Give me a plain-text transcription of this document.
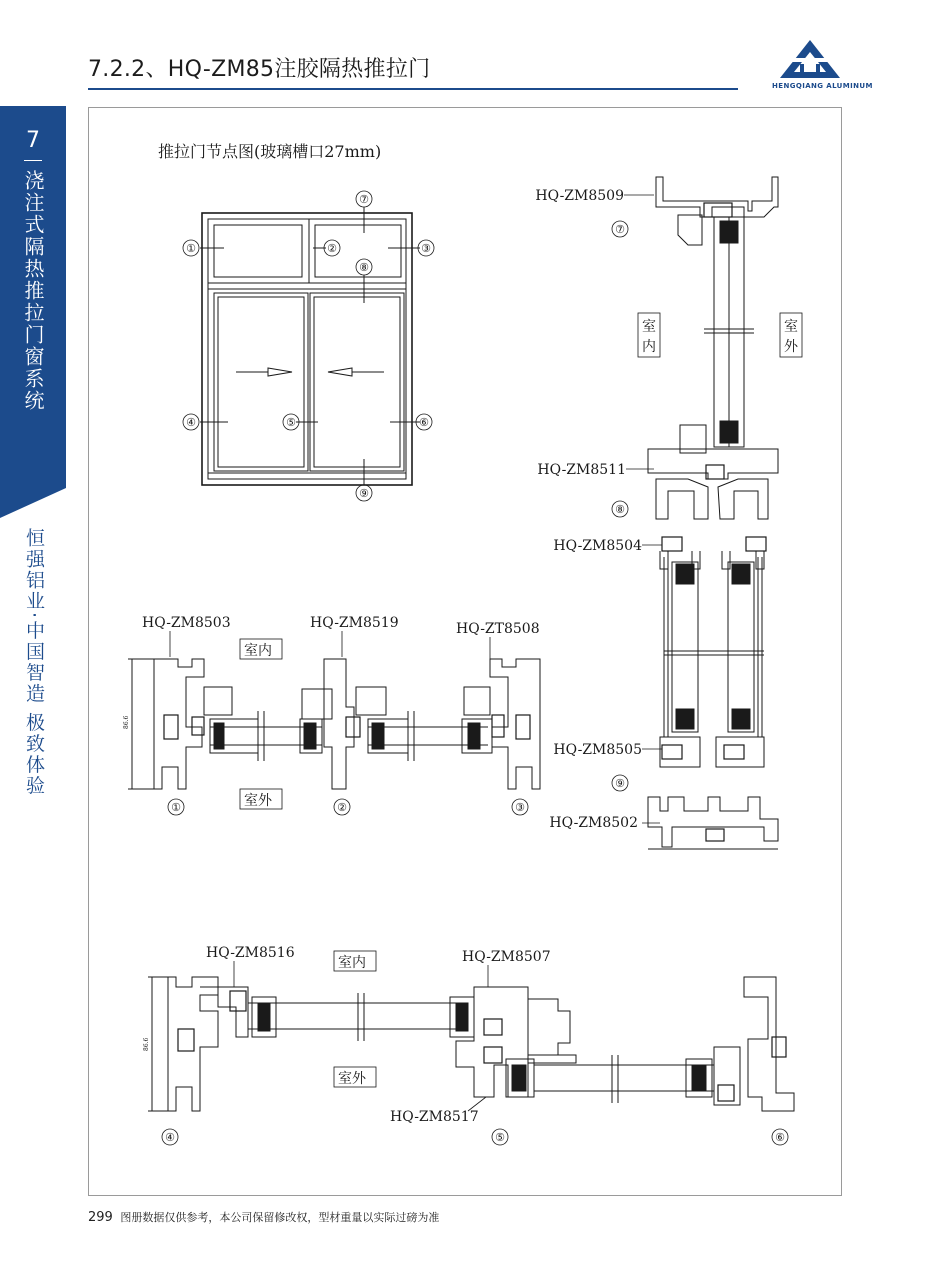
7.2.2、HQ-ZM85注胶隔热推拉门
HENGQIANG ALUMINUM
7
浇注式隔热推拉门窗系统
恒强铝业·中国智造 极致体验
推拉门节点图(玻璃槽口27mm)
①	②	③
⑦
⑧
④	⑤	⑥
⑨
室
内
室
外
⑦
⑧
⑨
HQ-ZM8509
HQ-ZM8511
HQ-ZM8504
HQ-ZM8505
HQ-ZM8502
室内
室外
HQ-ZM8503	HQ-ZM8519	HQ-ZT8508
①	②	③
86.6
室内
室外
HQ-ZM8516	HQ-ZM8507
HQ-ZM8517
④	⑤	⑥
86.6
299 图册数据仅供参考，本公司保留修改权，型材重量以实际过磅为准
